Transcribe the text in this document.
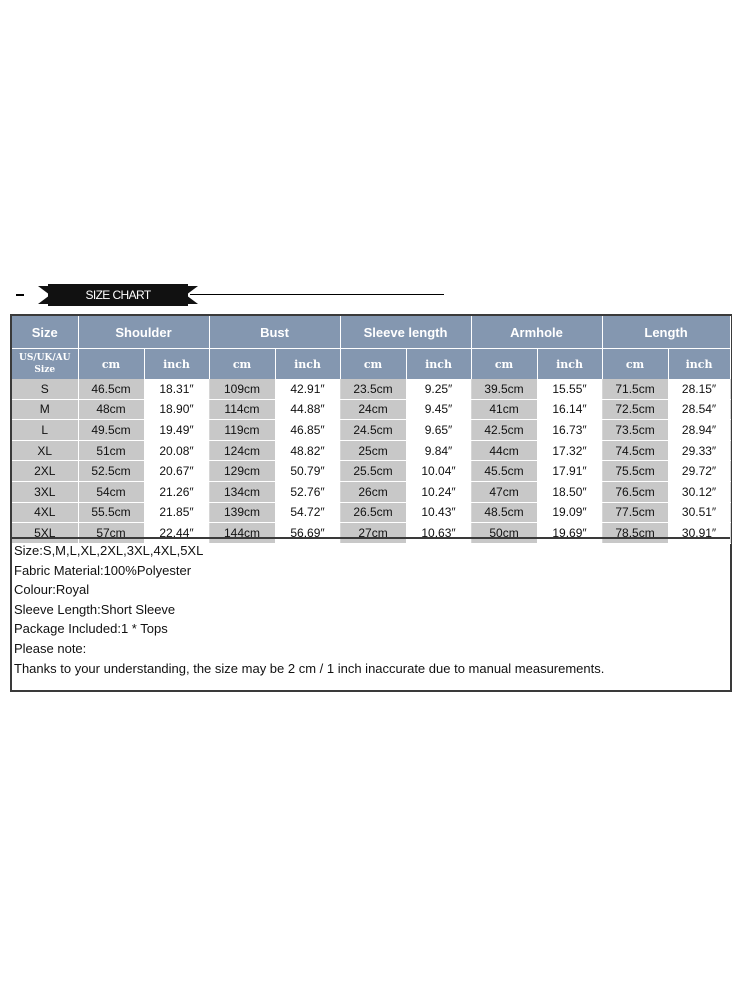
SIZE CHART
Size	Shoulder		Bust		Sleeve length		Armhole		Length	
US/UK/AU Size	cm	inch	cm	inch	cm	inch	cm	inch	cm	inch
S	46.5cm	18.31″	109cm	42.91″	23.5cm	9.25″	39.5cm	15.55″	71.5cm	28.15″
M	48cm	18.90″	114cm	44.88″	24cm	9.45″	41cm	16.14″	72.5cm	28.54″
L	49.5cm	19.49″	119cm	46.85″	24.5cm	9.65″	42.5cm	16.73″	73.5cm	28.94″
XL	51cm	20.08″	124cm	48.82″	25cm	9.84″	44cm	17.32″	74.5cm	29.33″
2XL	52.5cm	20.67″	129cm	50.79″	25.5cm	10.04″	45.5cm	17.91″	75.5cm	29.72″
3XL	54cm	21.26″	134cm	52.76″	26cm	10.24″	47cm	18.50″	76.5cm	30.12″
4XL	55.5cm	21.85″	139cm	54.72″	26.5cm	10.43″	48.5cm	19.09″	77.5cm	30.51″
5XL	57cm	22.44″	144cm	56.69″	27cm	10.63″	50cm	19.69″	78.5cm	30.91″
Size:S,M,L,XL,2XL,3XL,4XL,5XL
Fabric Material:100%Polyester
Colour:Royal
Sleeve Length:Short Sleeve
Package Included:1 * Tops
Please note:
Thanks to your understanding, the size may be 2 cm / 1 inch inaccurate due to manual measurements.
